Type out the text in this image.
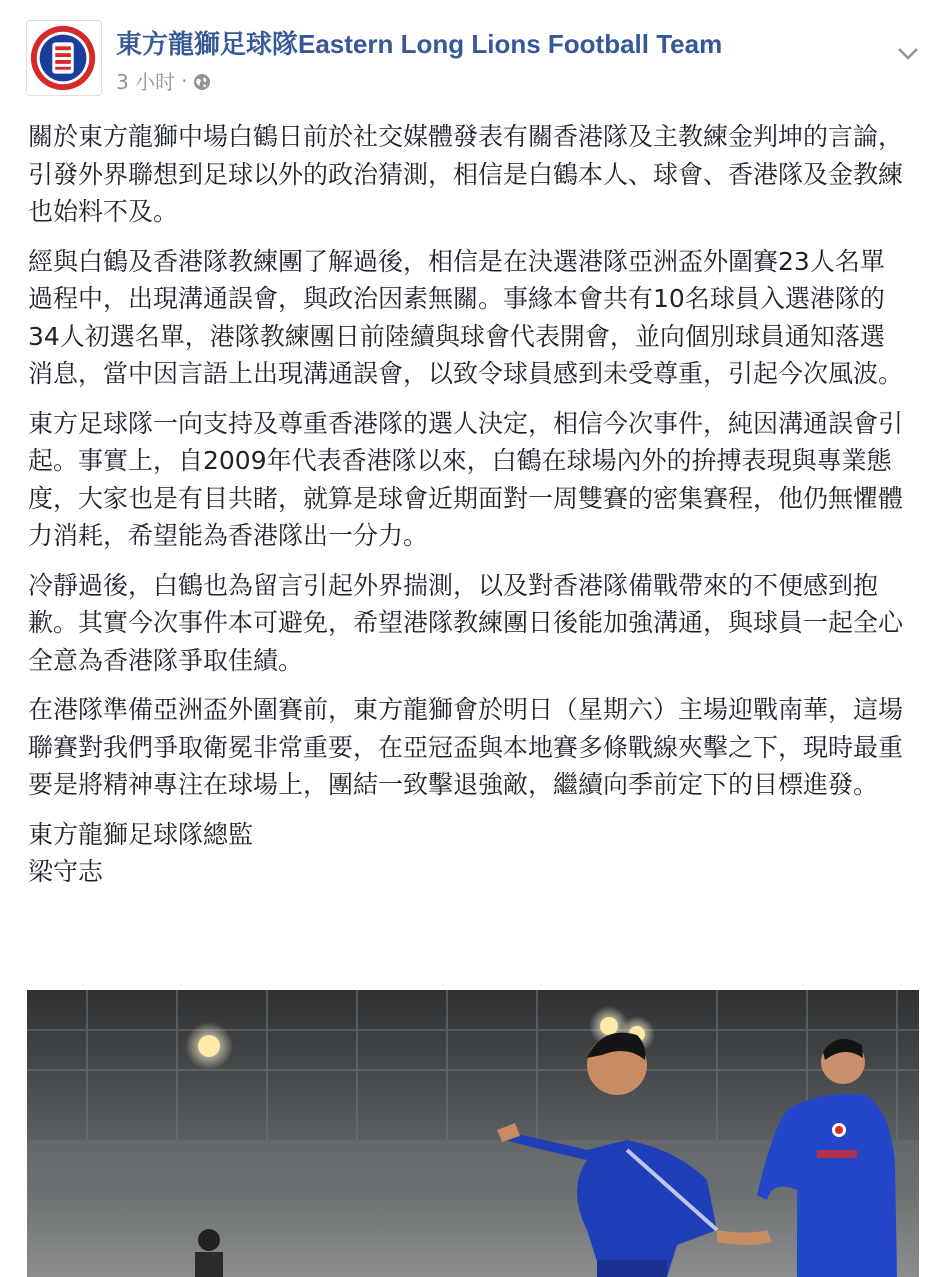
東方龍獅足球隊Eastern Long Lions Football Team
3 小时 ·

關於東方龍獅中場白鶴日前於社交媒體發表有關香港隊及主教練金判坤的言論，引發外界聯想到足球以外的政治猜測，相信是白鶴本人、球會、香港隊及金教練也始料不及。

經與白鶴及香港隊教練團了解過後，相信是在決選港隊亞洲盃外圍賽23人名單過程中，出現溝通誤會，與政治因素無關。事緣本會共有10名球員入選港隊的34人初選名單，港隊教練團日前陸續與球會代表開會，並向個別球員通知落選消息，當中因言語上出現溝通誤會，以致令球員感到未受尊重，引起今次風波。

東方足球隊一向支持及尊重香港隊的選人決定，相信今次事件，純因溝通誤會引起。事實上，自2009年代表香港隊以來，白鶴在球場內外的拚搏表現與專業態度，大家也是有目共睹，就算是球會近期面對一周雙賽的密集賽程，他仍無懼體力消耗，希望能為香港隊出一分力。

冷靜過後，白鶴也為留言引起外界揣測，以及對香港隊備戰帶來的不便感到抱歉。其實今次事件本可避免，希望港隊教練團日後能加強溝通，與球員一起全心全意為香港隊爭取佳績。

在港隊準備亞洲盃外圍賽前，東方龍獅會於明日（星期六）主場迎戰南華，這場聯賽對我們爭取衛冕非常重要，在亞冠盃與本地賽多條戰線夾擊之下，現時最重要是將精神專注在球場上，團結一致擊退強敵，繼續向季前定下的目標進發。

東方龍獅足球隊總監
梁守志
